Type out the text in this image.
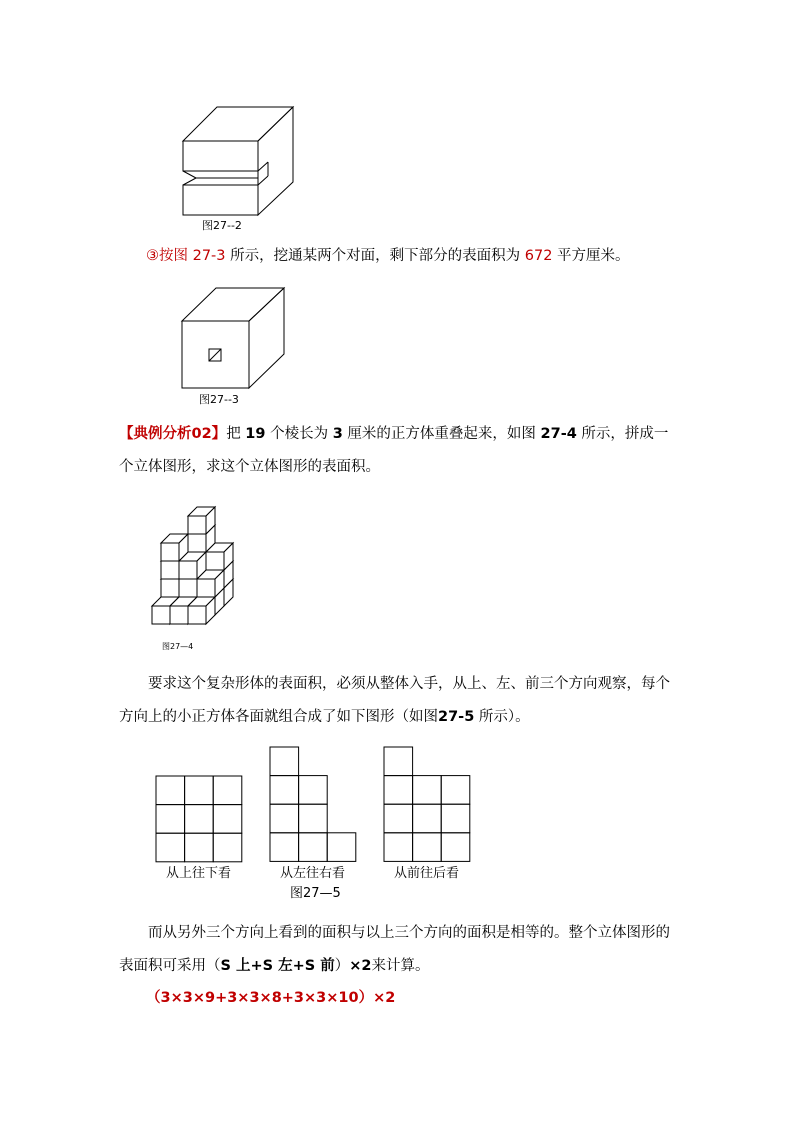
图27--2
③按图 27-3 所示，挖通某两个对面，剩下部分的表面积为 672 平方厘米。
图27--3
【典例分析02】把 19 个棱长为 3 厘米的正方体重叠起来，如图 27-4 所示，拼成一个立体图形，求这个立体图形的表面积。
图27—4
要求这个复杂形体的表面积，必须从整体入手，从上、左、前三个方向观察，每个方向上的小正方体各面就组合成了如下图形（如图27-5 所示）。
从上往下看	从左往右看	从前往后看
图27—5
而从另外三个方向上看到的面积与以上三个方向的面积是相等的。整个立体图形的表面积可采用（S 上+S 左+S 前）×2来计算。
（3×3×9+3×3×8+3×3×10）×2
